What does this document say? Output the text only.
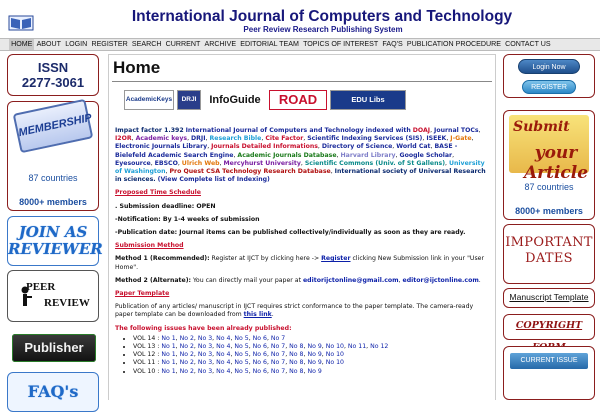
International Journal of Computers and Technology
Peer Review Research Publishing System
HOME ABOUT LOGIN REGISTER SEARCH CURRENT ARCHIVE EDITORIAL TEAM TOPICS OF INTEREST FAQ'S PUBLICATION PROCEDURE CONTACT US
ISSN
2277-3061
MEMBERSHIP
87 countries
8000+ members
JOIN AS
REVIEWER
PEER
REVIEW
Publisher
FAQ's
Home
AcademicKeys DRJI InfoGuide ROAD	EDU Libs

Impact factor 1.392 International Journal of Computers and Technology indexed with DOAJ, Journal TOCs, I2OR, Academic keys, DRJI, Research Bible, Cite Factor, Scientific Indexing Services (SIS), ISEEK, J-Gate, Electronic Journals Library, Journals Detailed Informations, Directory of Science, World Cat, BASE - Bielefeld Academic Search Engine, Academic Journals Database, Harvard Library, Google Scholar, Eyesource, EBSCO, Ulrich Web, Mercyhurst University, Scientific Commons (Univ. of St Gallens), University of Washington, Pro Quest CSA Technology Research Database, International society of Universal Research in sciences. (View Complete list of Indexing)

Proposed Time Schedule

. Submission deadline: OPEN

-Notification: By 1-4 weeks of submission

-Publication date: Journal items can be published collectively/individually as soon as they are ready.

Submission Method

Method 1 (Recommended): Register at IJCT by clicking here -> Register clicking New Submission link in your "User Home".

Method 2 (Alternate): You can directly mail your paper at editorijctonline@gmail.com, editor@ijctonline.com.

Paper Template

Publication of any articles/ manuscript in IJCT requires strict conformance to the paper template. The camera-ready paper template can be downloaded from this link.

The following issues have been already published:

• VOL 14 : No 1, No 2, No 3, No 4, No 5, No 6, No 7
• VOL 13 : No 1, No 2, No 3, No 4, No 5, No 6, No 7, No 8, No 9, No 10, No 11, No 12
• VOL 12 : No 1, No 2, No 3, No 4, No 5, No 6, No 7, No 8, No 9, No 10
• VOL 11 : No 1, No 2, No 3, No 4, No 5, No 6, No 7, No 8, No 9, No 10
• VOL 10 : No 1, No 2, No 3, No 4, No 5, No 6, No 7, No 8, No 9
Login Now
REGISTER
Submit
your Article
87 countries
8000+ members
IMPORTANT
DATES
Manuscript Template
COPYRIGHT
CURRENT ISSUE
